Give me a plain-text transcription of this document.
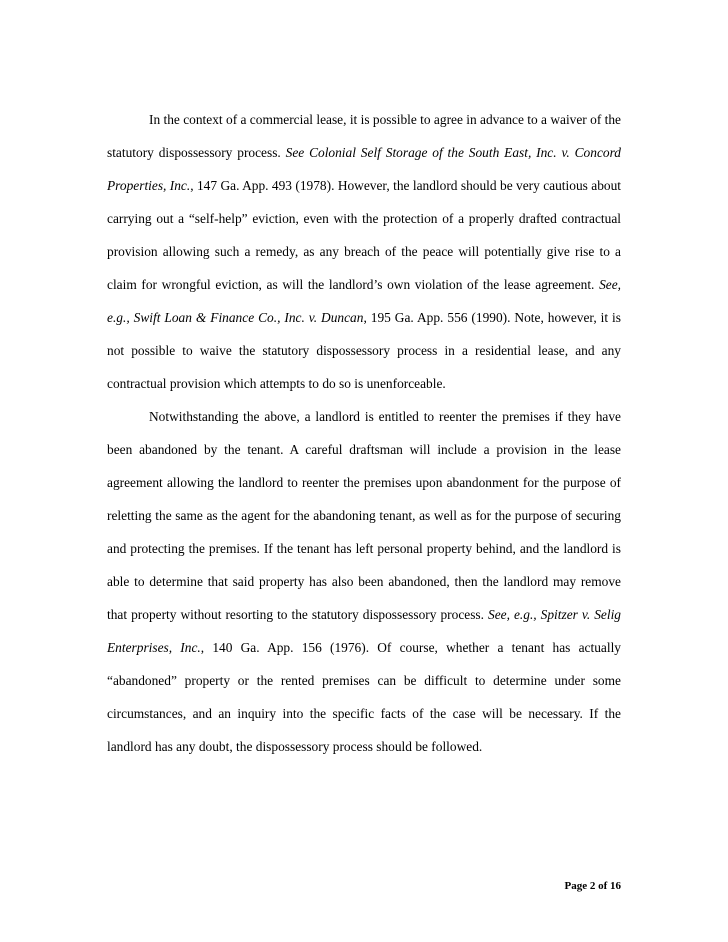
In the context of a commercial lease, it is possible to agree in advance to a waiver of the statutory dispossessory process. See Colonial Self Storage of the South East, Inc. v. Concord Properties, Inc., 147 Ga. App. 493 (1978). However, the landlord should be very cautious about carrying out a “self-help” eviction, even with the protection of a properly drafted contractual provision allowing such a remedy, as any breach of the peace will potentially give rise to a claim for wrongful eviction, as will the landlord’s own violation of the lease agreement. See, e.g., Swift Loan & Finance Co., Inc. v. Duncan, 195 Ga. App. 556 (1990). Note, however, it is not possible to waive the statutory dispossessory process in a residential lease, and any contractual provision which attempts to do so is unenforceable.

Notwithstanding the above, a landlord is entitled to reenter the premises if they have been abandoned by the tenant. A careful draftsman will include a provision in the lease agreement allowing the landlord to reenter the premises upon abandonment for the purpose of reletting the same as the agent for the abandoning tenant, as well as for the purpose of securing and protecting the premises. If the tenant has left personal property behind, and the landlord is able to determine that said property has also been abandoned, then the landlord may remove that property without resorting to the statutory dispossessory process. See, e.g., Spitzer v. Selig Enterprises, Inc., 140 Ga. App. 156 (1976). Of course, whether a tenant has actually “abandoned” property or the rented premises can be difficult to determine under some circumstances, and an inquiry into the specific facts of the case will be necessary. If the landlord has any doubt, the dispossessory process should be followed.

Page 2 of 16
